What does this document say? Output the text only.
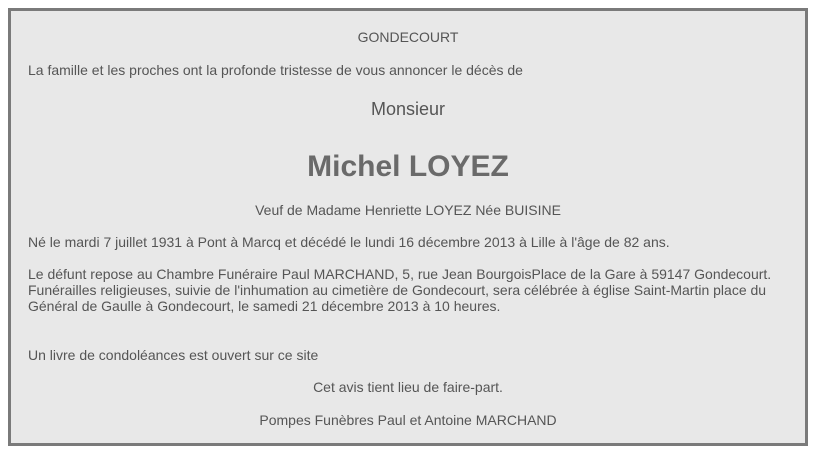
GONDECOURT
La famille et les proches ont la profonde tristesse de vous annoncer le décès de
Monsieur
Michel LOYEZ
Veuf de Madame Henriette LOYEZ Née BUISINE
Né le mardi 7 juillet 1931 à Pont à Marcq et décédé le lundi 16 décembre 2013 à Lille à l'âge de 82 ans.
Le défunt repose au Chambre Funéraire Paul MARCHAND, 5, rue Jean BourgoisPlace de la Gare à 59147 Gondecourt.
Funérailles religieuses, suivie de l'inhumation au cimetière de Gondecourt, sera célébrée à église Saint-Martin place du Général de Gaulle à Gondecourt, le samedi 21 décembre 2013 à 10 heures.
Un livre de condoléances est ouvert sur ce site
Cet avis tient lieu de faire-part.
Pompes Funèbres Paul et Antoine MARCHAND
